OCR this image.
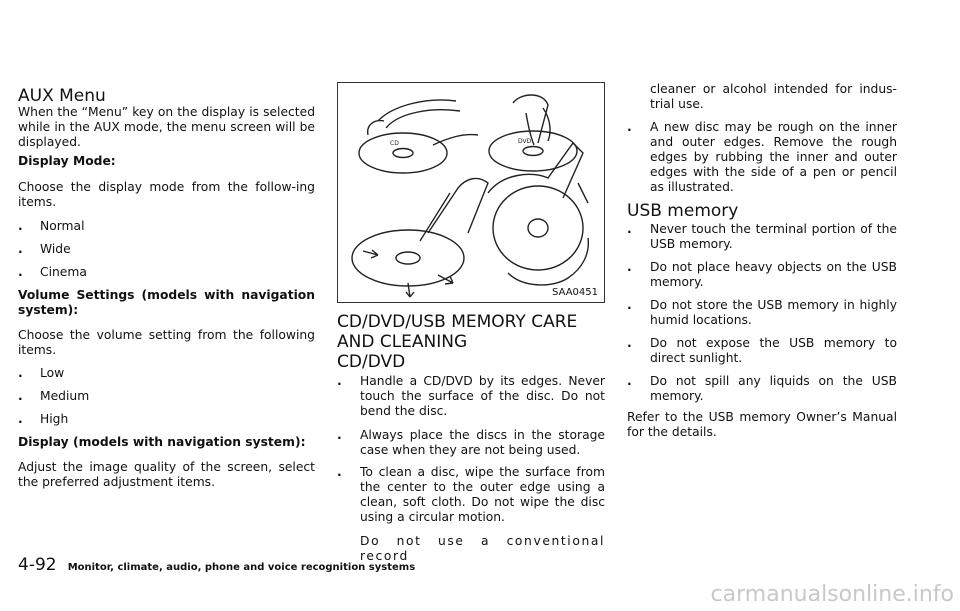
AUX Menu

When the “Menu” key on the display is selected while in the AUX mode, the menu screen will be displayed.

Display Mode:

Choose the display mode from the follow-ing items.

.	Normal
.	Wide
.	Cinema

Volume Settings (models with navigation system):

Choose the volume setting from the following items.

.	Low
.	Medium
.	High

Display (models with navigation system):

Adjust the image quality of the screen, select the preferred adjustment items.

CD	DVD
SAA0451
CD/DVD/USB MEMORY CARE AND CLEANING
CD/DVD
.	Handle a CD/DVD by its edges. Never touch the surface of the disc. Do not bend the disc.
.	Always place the discs in the storage case when they are not being used.
.	To clean a disc, wipe the surface from the center to the outer edge using a clean, soft cloth. Do not wipe the disc using a circular motion.

Do not use a conventional record

cleaner or alcohol intended for indus-trial use.

.	A new disc may be rough on the inner and outer edges. Remove the rough edges by rubbing the inner and outer edges with the side of a pen or pencil as illustrated.
USB memory
.	Never touch the terminal portion of the USB memory.
.	Do not place heavy objects on the USB memory.
.	Do not store the USB memory in highly humid locations.
.	Do not expose the USB memory to direct sunlight.
.	Do not spill any liquids on the USB memory.

Refer to the USB memory Owner’s Manual for the details.

4-92 Monitor, climate, audio, phone and voice recognition systems
carmanualsonline.info
